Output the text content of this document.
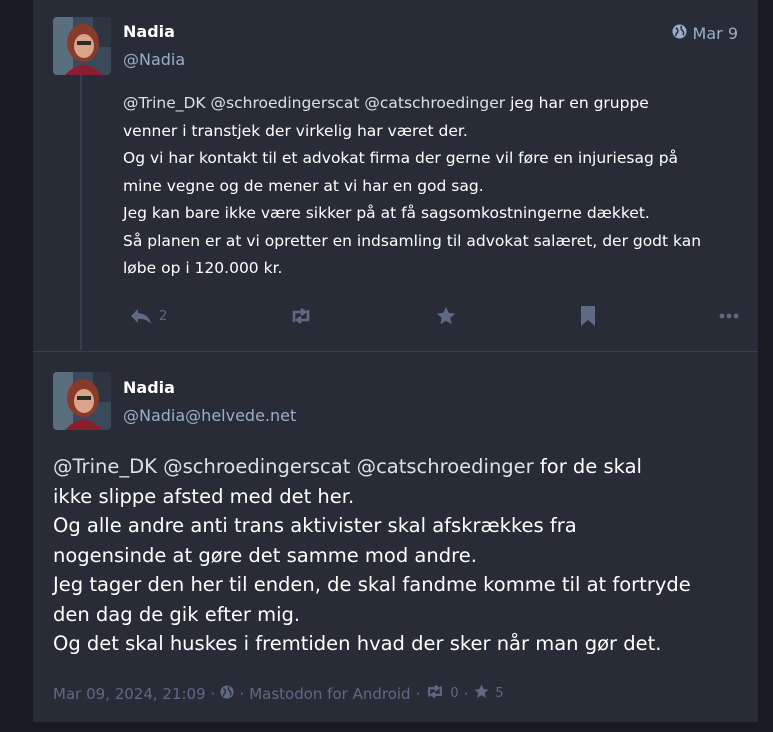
Nadia
@Nadia
Mar 9
@Trine_DK @schroedingerscat @catschroedinger jeg har en gruppe
venner i transtjek der virkelig har været der.
Og vi har kontakt til et advokat firma der gerne vil føre en injuriesag på
mine vegne og de mener at vi har en god sag.
Jeg kan bare ikke være sikker på at få sagsomkostningerne dækket.
Så planen er at vi opretter en indsamling til advokat salæret, der godt kan
løbe op i 120.000 kr.
2
Nadia
@Nadia@helvede.net
@Trine_DK @schroedingerscat @catschroedinger for de skal
ikke slippe afsted med det her.
Og alle andre anti trans aktivister skal afskrækkes fra
nogensinde at gøre det samme mod andre.
Jeg tager den her til enden, de skal fandme komme til at fortryde
den dag de gik efter mig.
Og det skal huskes i fremtiden hvad der sker når man gør det.
Mar 09, 2024, 21:09 · · Mastodon for Android · 0 · 5
